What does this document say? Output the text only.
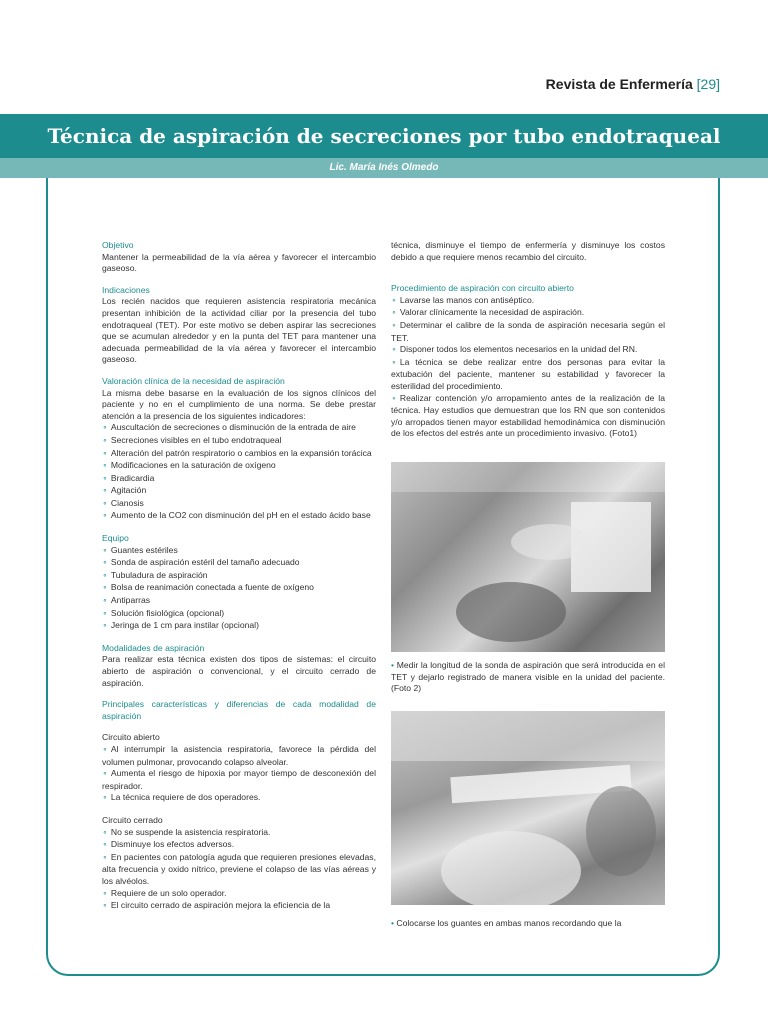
Revista de Enfermería [29]
Técnica de aspiración de secreciones por tubo endotraqueal
Lic. María Inés Olmedo
Objetivo

Mantener la permeabilidad de la vía aérea y favorecer el intercambio gaseoso.

Indicaciones

Los recién nacidos que requieren asistencia respiratoria mecánica presentan inhibición de la actividad ciliar por la presencia del tubo endotraqueal (TET). Por este motivo se deben aspirar las secreciones que se acumulan alrededor y en la punta del TET para mantener una adecuada permeabilidad de la vía aérea y favorecer el intercambio gaseoso.

Valoración clínica de la necesidad de aspiración

La misma debe basarse en la evaluación de los signos clínicos del paciente y no en el cumplimiento de una norma. Se debe prestar atención a la presencia de los siguientes indicadores:

⚬ Auscultación de secreciones o disminución de la entrada de aire
⚬ Secreciones visibles en el tubo endotraqueal
⚬ Alteración del patrón respiratorio o cambios en la expansión torácica
⚬ Modificaciones en la saturación de oxígeno
⚬ Bradicardia
⚬ Agitación
⚬ Cianosis
⚬ Aumento de la CO2 con disminución del pH en el estado ácido base
Equipo
⚬ Guantes estériles
⚬ Sonda de aspiración estéril del tamaño adecuado
⚬ Tubuladura de aspiración
⚬ Bolsa de reanimación conectada a fuente de oxígeno
⚬ Antiparras
⚬ Solución fisiológica (opcional)
⚬ Jeringa de 1 cm para instilar (opcional)
Modalidades de aspiración

Para realizar esta técnica existen dos tipos de sistemas: el circuito abierto de aspiración o convencional, y el circuito cerrado de aspiración.

Principales características y diferencias de cada modalidad de aspiración
Circuito abierto
⚬ Al interrumpir la asistencia respiratoria, favorece la pérdida del volumen pulmonar, provocando colapso alveolar.
⚬ Aumenta el riesgo de hipoxia por mayor tiempo de desconexión del respirador.
⚬ La técnica requiere de dos operadores.
Circuito cerrado
⚬ No se suspende la asistencia respiratoria.
⚬ Disminuye los efectos adversos.
⚬ En pacientes con patología aguda que requieren presiones elevadas, alta frecuencia y oxido nítrico, previene el colapso de las vías aéreas y los alvéolos.
⚬ Requiere de un solo operador.
⚬ El circuito cerrado de aspiración mejora la eficiencia de la

técnica, disminuye el tiempo de enfermería y disminuye los costos debido a que requiere menos recambio del circuito.

Procedimiento de aspiración con circuito abierto
⚬ Lavarse las manos con antiséptico.
⚬ Valorar clínicamente la necesidad de aspiración.
⚬ Determinar el calibre de la sonda de aspiración necesaria según el TET.
⚬ Disponer todos los elementos necesarios en la unidad del RN.
⚬ La técnica se debe realizar entre dos personas para evitar la extubación del paciente, mantener su estabilidad y favorecer la esterilidad del procedimiento.
⚬ Realizar contención y/o arropamiento antes de la realización de la técnica. Hay estudios que demuestran que los RN que son contenidos y/o arropados tienen mayor estabilidad hemodinámica con disminución de los efectos del estrés ante un procedimiento invasivo. (Foto1)
• Medir la longitud de la sonda de aspiración que será introducida en el TET y dejarlo registrado de manera visible en la unidad del paciente. (Foto 2)
• Colocarse los guantes en ambas manos recordando que la
